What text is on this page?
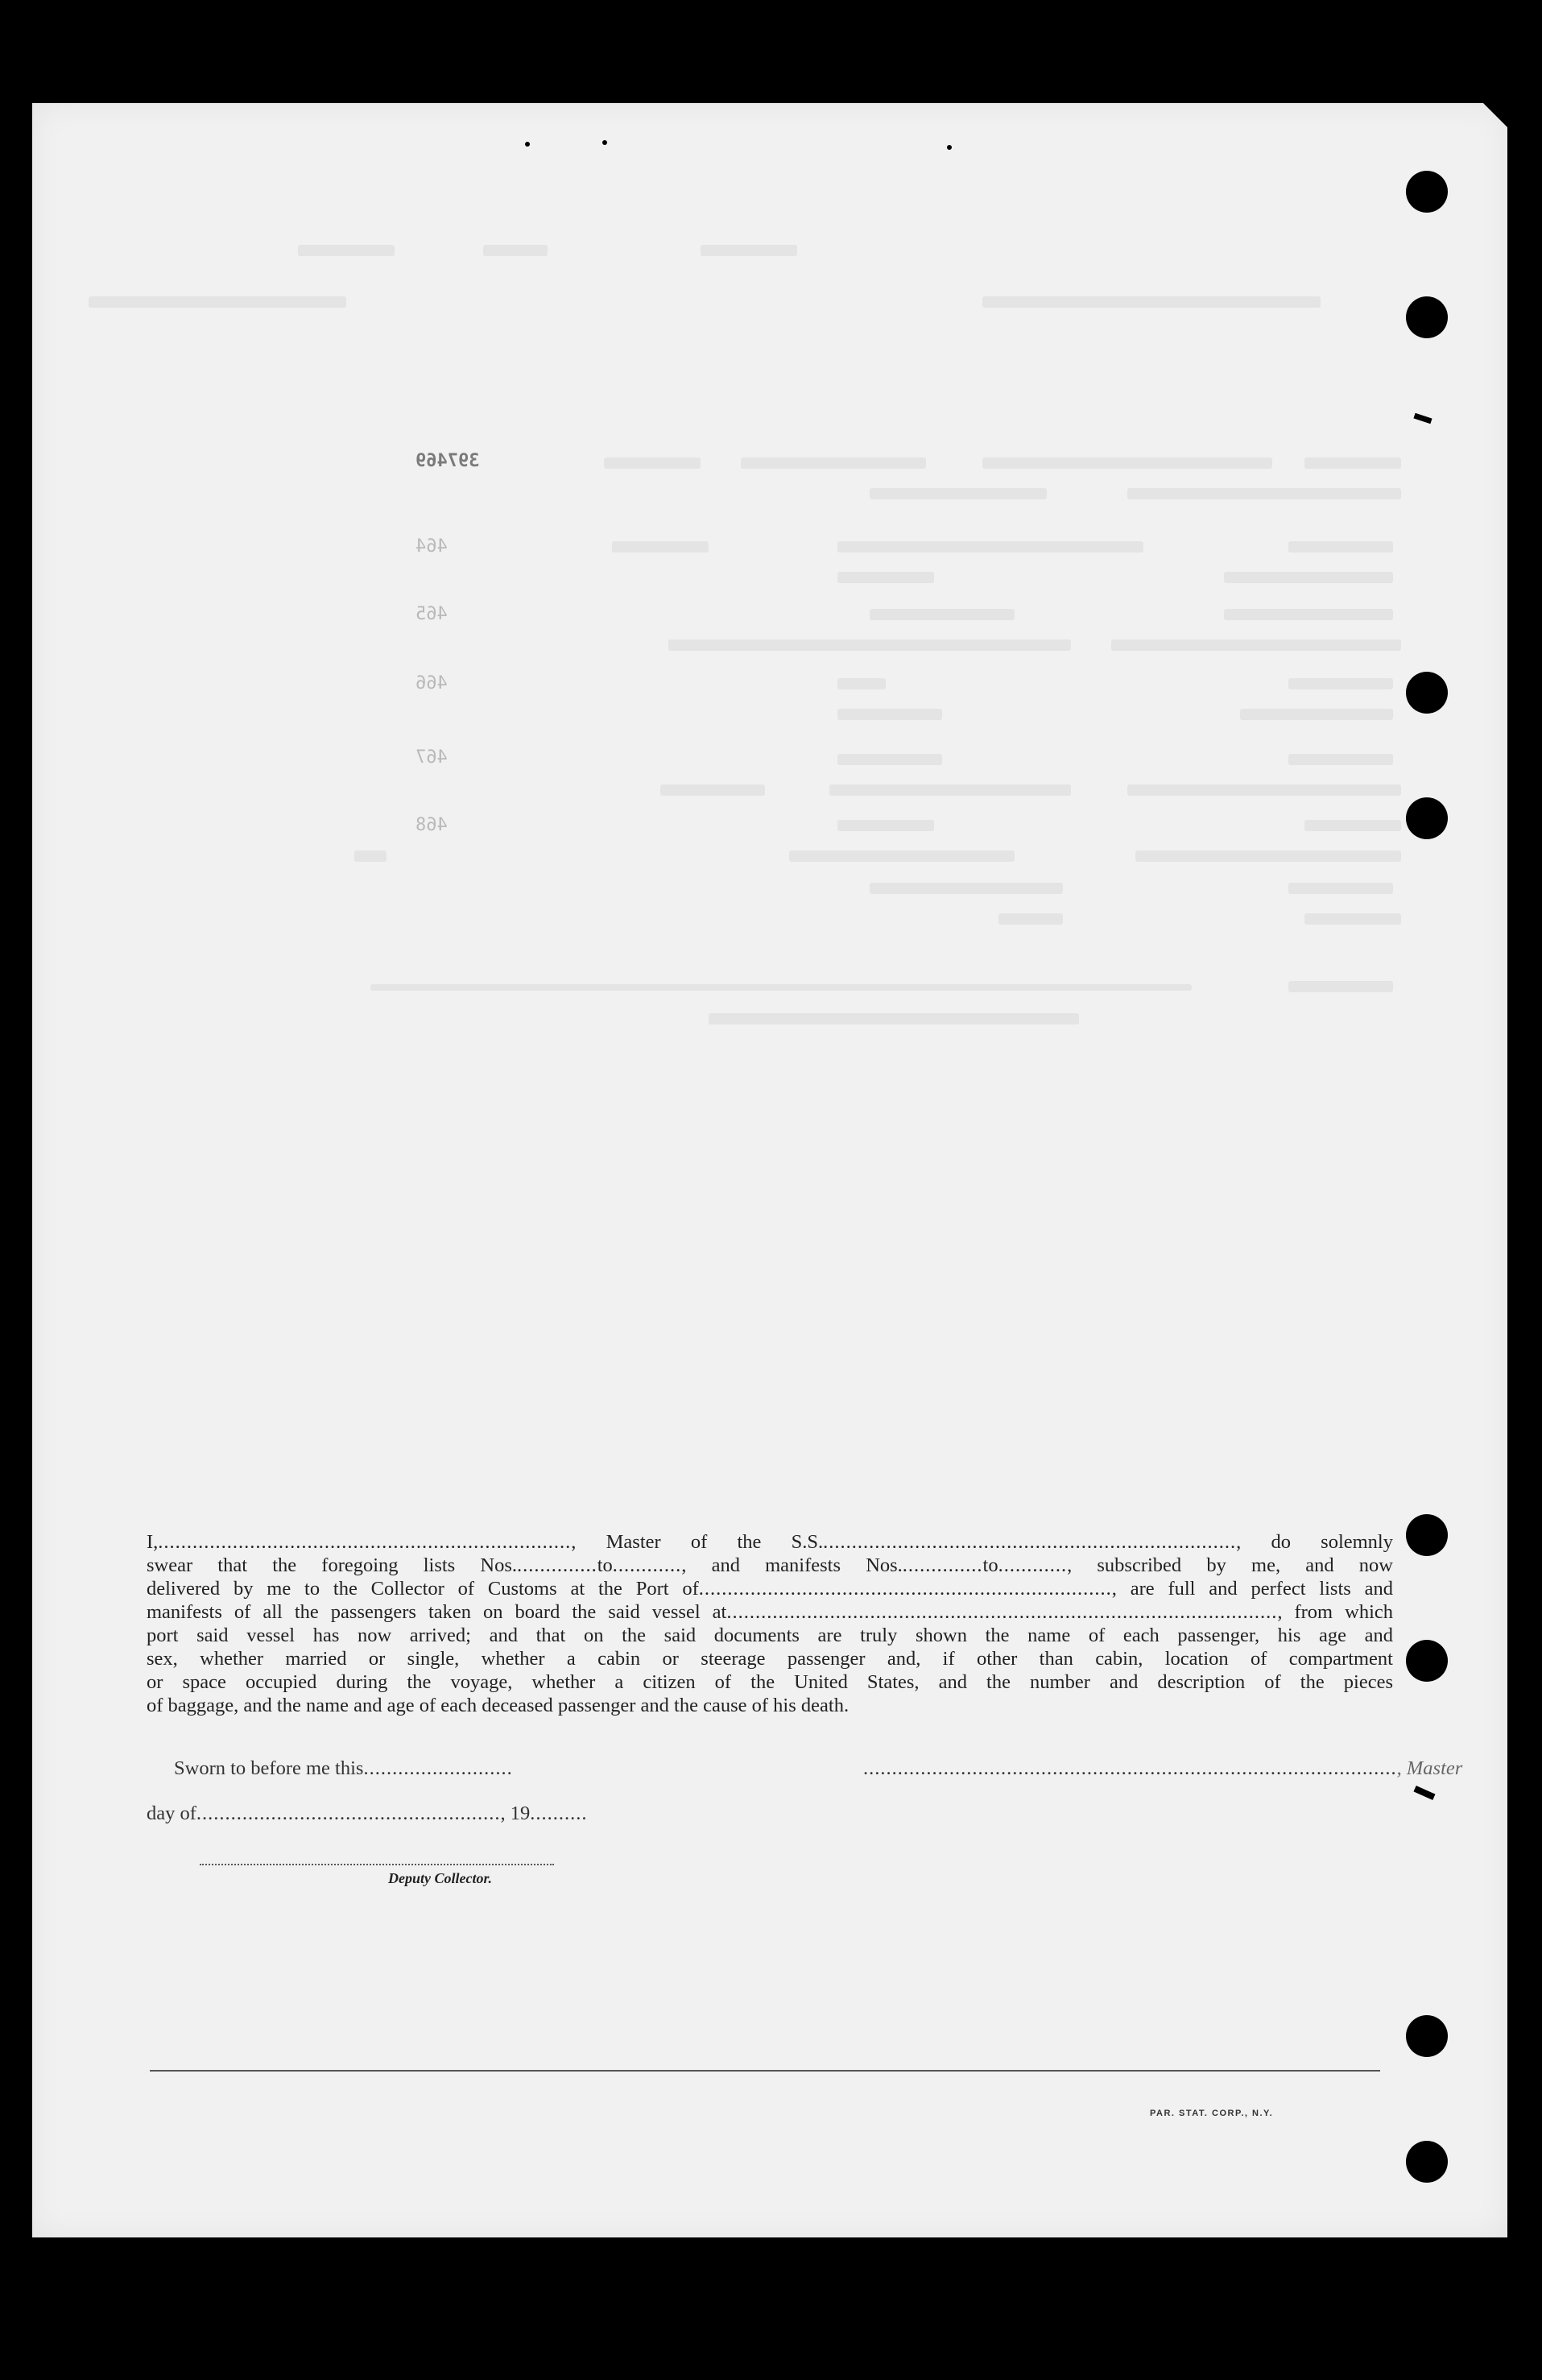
397469
464
465
466
467
468
I,........................................................................, Master of the S.S........................................................................., do solemnly
swear that the foregoing lists Nos...............to............, and manifests Nos...............to............, subscribed by me, and now
delivered by me to the Collector of Customs at the Port of........................................................................, are full and perfect lists and
manifests of all the passengers taken on board the said vessel at................................................................................................, from which
port said vessel has now arrived; and that on the said documents are truly shown the name of each passenger, his age and
sex, whether married or single, whether a cabin or steerage passenger and, if other than cabin, location of compartment
or space occupied during the voyage, whether a citizen of the United States, and the number and description of the pieces
of baggage, and the name and age of each deceased passenger and the cause of his death.
Sworn to before me this..........................	............................................................................................., Master
day of....................................................., 19..........
Deputy Collector.
PAR. STAT. CORP., N.Y.
